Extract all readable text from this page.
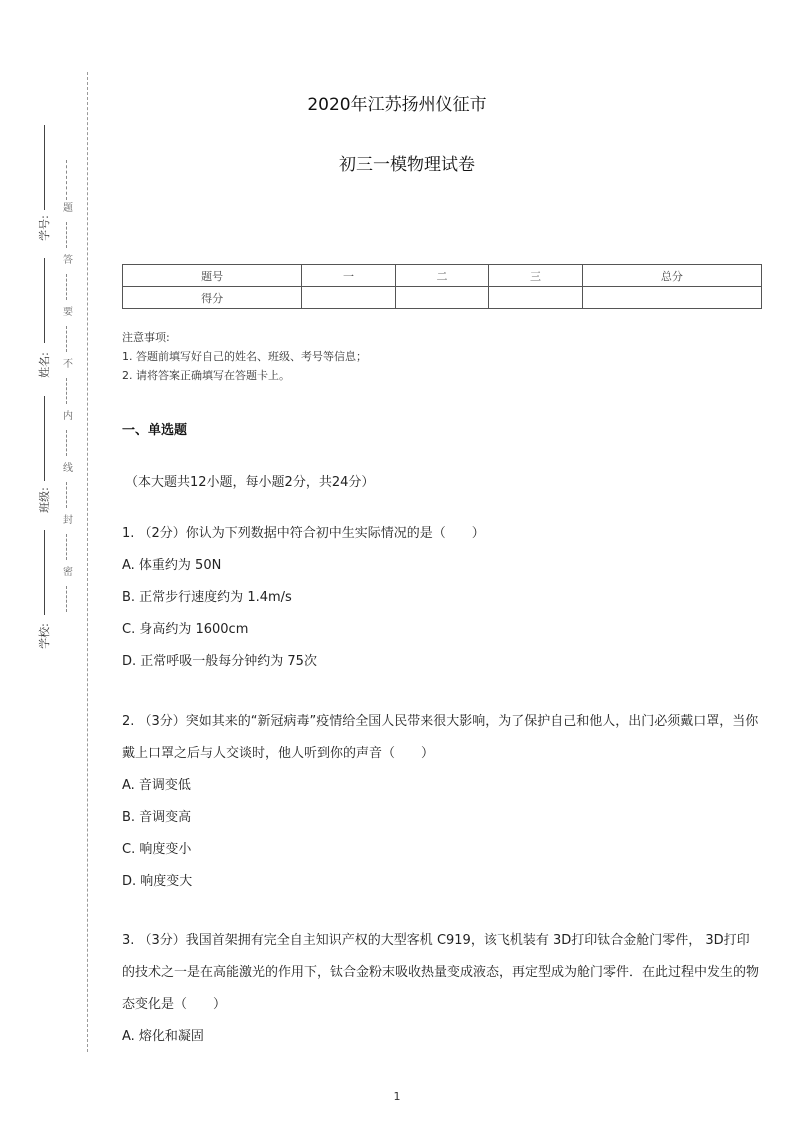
学号:
姓名:
班级:
学校:
题
答
要
不
内
线
封
密
2020年江苏扬州仪征市
初三一模物理试卷
题号	一	二	三	总分
得分				
注意事项:
1. 答题前填写好自己的姓名、班级、考号等信息；
2. 请将答案正确填写在答题卡上。
一、单选题
（本大题共12小题，每小题2分，共24分）

1. （2分）你认为下列数据中符合初中生实际情况的是（　　）

A. 体重约为 50N

B. 正常步行速度约为 1.4m/s

C. 身高约为 1600cm

D. 正常呼吸一般每分钟约为 75次

2. （3分）突如其来的“新冠病毒”疫情给全国人民带来很大影响，为了保护自己和他人，出门必须戴口罩，当你戴上口罩之后与人交谈时，他人听到你的声音（　　）

A. 音调变低

B. 音调变高

C. 响度变小

D. 响度变大

3. （3分）我国首架拥有完全自主知识产权的大型客机 C919，该飞机装有 3D打印钛合金舱门零件， 3D打印的技术之一是在高能激光的作用下，钛合金粉末吸收热量变成液态，再定型成为舱门零件．在此过程中发生的物态变化是（　　）

A. 熔化和凝固

1
